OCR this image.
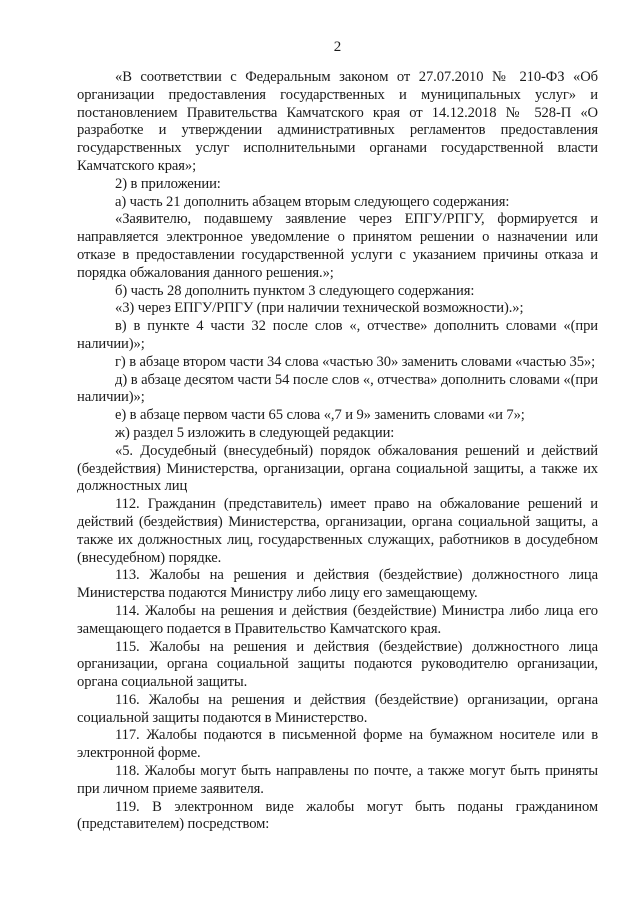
2

«В соответствии с Федеральным законом от 27.07.2010 № 210-ФЗ «Об организации предоставления государственных и муниципальных услуг» и постановлением Правительства Камчатского края от 14.12.2018 № 528-П «О разработке и утверждении административных регламентов предоставления государственных услуг исполнительными органами государственной власти Камчатского края»;

2) в приложении:

а) часть 21 дополнить абзацем вторым следующего содержания:

«Заявителю, подавшему заявление через ЕПГУ/РПГУ, формируется и направляется электронное уведомление о принятом решении о назначении или отказе в предоставлении государственной услуги с указанием причины отказа и порядка обжалования данного решения.»;

б) часть 28 дополнить пунктом 3 следующего содержания:

«3) через ЕПГУ/РПГУ (при наличии технической возможности).»;

в) в пункте 4 части 32 после слов «, отчестве» дополнить словами «(при наличии)»;

г) в абзаце втором части 34 слова «частью 30» заменить словами «частью 35»;

д) в абзаце десятом части 54 после слов «, отчества» дополнить словами «(при наличии)»;

е) в абзаце первом части 65 слова «,7 и 9» заменить словами «и 7»;

ж) раздел 5 изложить в следующей редакции:

«5. Досудебный (внесудебный) порядок обжалования решений и действий (бездействия) Министерства, организации, органа социальной защиты, а также их должностных лиц

112. Гражданин (представитель) имеет право на обжалование решений и действий (бездействия) Министерства, организации, органа социальной защиты, а также их должностных лиц, государственных служащих, работников в досудебном (внесудебном) порядке.

113. Жалобы на решения и действия (бездействие) должностного лица Министерства подаются Министру либо лицу его замещающему.

114. Жалобы на решения и действия (бездействие) Министра либо лица его замещающего подается в Правительство Камчатского края.

115. Жалобы на решения и действия (бездействие) должностного лица организации, органа социальной защиты подаются руководителю организации, органа социальной защиты.

116. Жалобы на решения и действия (бездействие) организации, органа социальной защиты подаются в Министерство.

117. Жалобы подаются в письменной форме на бумажном носителе или в электронной форме.

118. Жалобы могут быть направлены по почте, а также могут быть приняты при личном приеме заявителя.

119. В электронном виде жалобы могут быть поданы гражданином (представителем) посредством:
